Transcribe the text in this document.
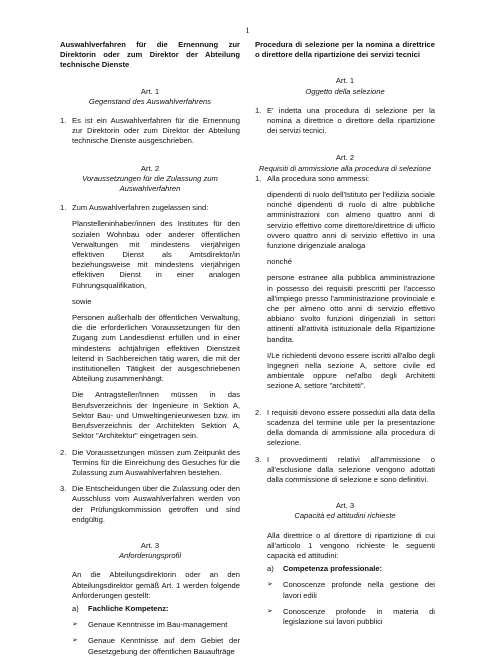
1

Auswahlverfahren für die Ernennung zur Direktorin oder zum Direktor der Abteilung technische Dienste

Art. 1

Gegenstand des Auswahlverfahrens

1. Es ist ein Auswahlverfahren für die Ernennung zur Direktorin oder zum Direktor der Abteilung technische Dienste ausgeschrieben.

Art. 2

Voraussetzungen für die Zulassung zum Auswahlverfahren

1. Zum Auswahlverfahren zugelassen sind:

Planstelleninhaber/innen des Institutes für den sozialen Wohnbau oder anderer öffentlichen Verwaltungen mit mindestens vierjährigen effektiven Dienst als Amtsdirektor/in beziehungsweise mit mindestens vierjährigen effektiven Dienst in einer analogen Führungsqualifikation,

sowie

Personen außerhalb der öffentlichen Verwaltung, die die erforderlichen Voraussetzungen für den Zugang zum Landesdienst erfüllen und in einer mindestens achtjährigen effektiven Dienstzeit leitend in Sachbereichen tätig waren, die mit der institutionellen Tätigkeit der ausgeschriebenen Abteilung zusammenhängt.

Die Antragsteller/Innen müssen in das Berufsverzeichnis der Ingenieure in Sektion A, Sektor Bau- und Umweltingenieurwesen bzw. im Berufsverzeichnis der Architekten Sektion A, Sektor "Architektur" eingetragen sein.

2. Die Voraussetzungen müssen zum Zeitpunkt des Termins für die Einreichung des Gesuches für die Zulassung zum Auswahlverfahren bestehen.
3. Die Entscheidungen über die Zulassung oder den Ausschluss vom Auswahlverfahren werden von der Prüfungskommission getroffen und sind endgültig.

Art. 3

Anforderungsprofil

An die Abteilungsdirektorin oder an den Abteilungsdirektor gemäß Art. 1 werden folgende Anforderungen gestellt:

a)	Fachliche Kompetenz:
➢	Genaue Kenntnisse im Bau-management
➢	Genaue Kenntnisse auf dem Gebiet der Gesetzgebung der öffentlichen Bauaufträge

Procedura di selezione per la nomina a direttrice o direttore della ripartizione dei servizi tecnici

Art. 1

Oggetto della selezione

1. E' indetta una procedura di selezione per la nomina a direttrice o direttore della ripartizione dei servizi tecnici.

Art. 2

Requisiti di ammissione alla procedura di selezione

1. Alla procedura sono ammessi:

dipendenti di ruolo dell'Istituto per l'edilizia sociale nonché dipendenti di ruolo di altre pubbliche amministrazioni con almeno quattro anni di servizio effettivo come direttore/direttrice di ufficio ovvero quattro anni di servizio effettivo in una funzione dirigenziale analoga

nonché

persone estranee alla pubblica amministrazione in possesso dei requisiti prescritti per l'accesso all'impiego presso l'amministrazione provinciale e che per almeno otto anni di servizio effettivo abbiano svolto funzioni dirigenziali in settori attinenti all'attività istituzionale della Ripartizione bandita.

I/Le richiedenti devono essere iscritti all'albo degli Ingegneri nella sezione A, settore civile ed ambientale oppure nel'albo degli Architetti sezione A, settore "architetti".

2. I requisiti devono essere posseduti alla data della scadenza del termine utile per la presentazione della domanda di ammissione alla procedura di selezione.
3. I provvedimenti relativi all'ammissione o all'esclusione dalla selezione vengono adottati dalla commissione di selezione e sono definitivi.

Art. 3

Capacità ed attitudini richieste

Alla direttrice o al direttore di ripartizione di cui all'articolo 1 vengono richieste le seguenti capacità ed attitudini:

a)	Competenza professionale:
➢	Conoscenze profonde nella gestione dei lavori edili
➢	Conoscenze profonde in materia di legislazione sui lavori pubblici
